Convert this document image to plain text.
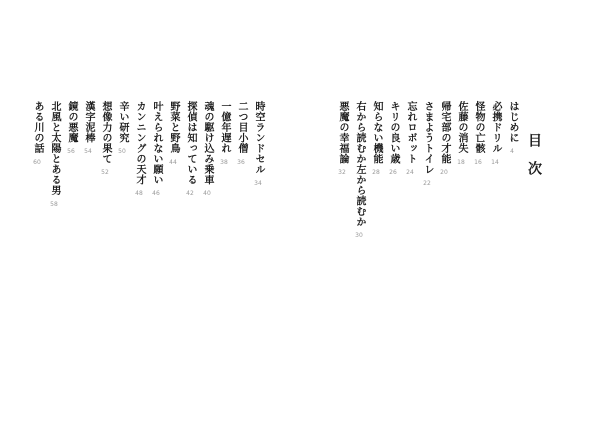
目次
はじめに
4
必携ドリル
14
怪物の亡骸
16
佐藤の消失
18
帰宅部の才能
20
さまようトイレ
22
忘れロボット
24
キリの良い歳
26
知らない機能
28
右から読むか左から読むか
30
悪魔の幸福論
32
時空ランドセル
34
二つ目小僧
36
一億年遅れ
38
魂の駆け込み乗車
40
探偵は知っている
42
野菜と野鳥
44
叶えられない願い
46
カンニングの天才
48
辛い研究
50
想像力の果て
52
漢字泥棒
54
鏡の悪魔
56
北風と太陽とある男
58
ある川の話
60
